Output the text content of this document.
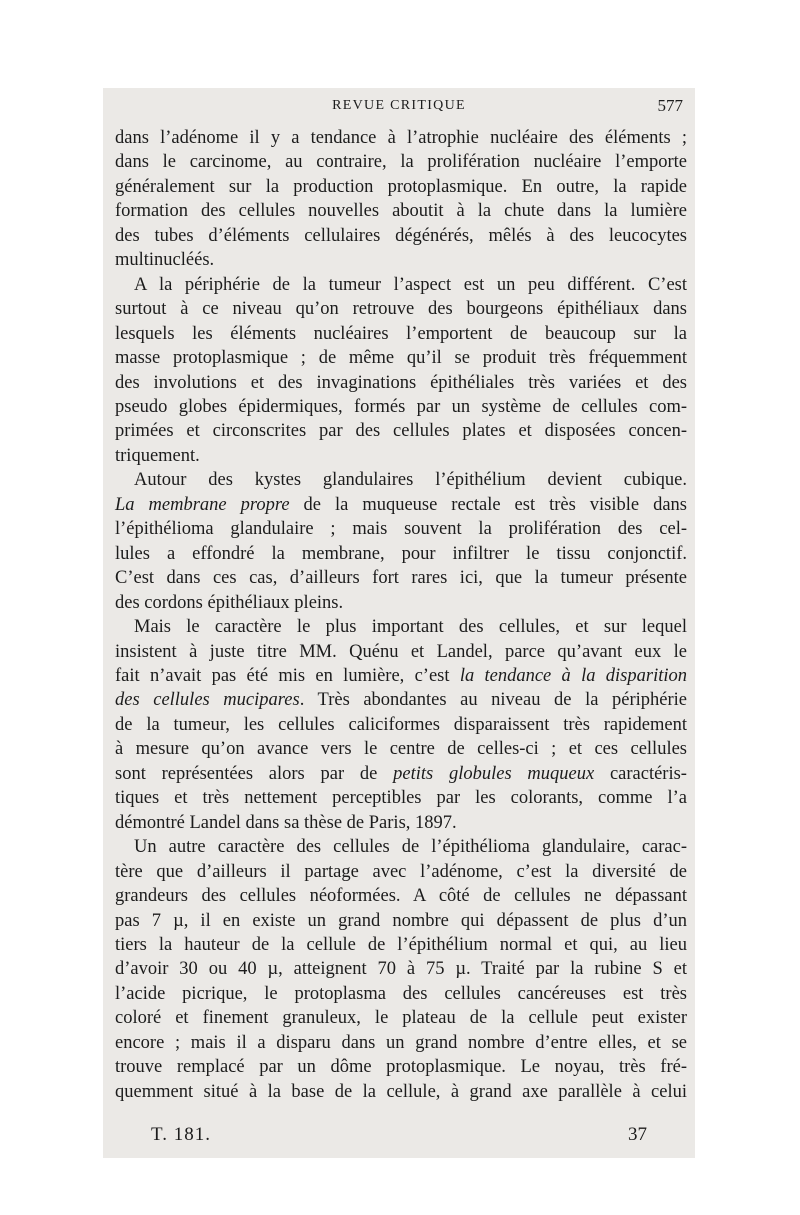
REVUE CRITIQUE	577

dans l’adénome il y a tendance à l’atrophie nucléaire des éléments ;
dans le carcinome, au contraire, la prolifération nucléaire l’emporte
généralement sur la production protoplasmique. En outre, la rapide
formation des cellules nouvelles aboutit à la chute dans la lumière
des tubes d’éléments cellulaires dégénérés, mêlés à des leucocytes
multinucléés.

A la périphérie de la tumeur l’aspect est un peu différent. C’est
surtout à ce niveau qu’on retrouve des bourgeons épithéliaux dans
lesquels les éléments nucléaires l’emportent de beaucoup sur la
masse protoplasmique ; de même qu’il se produit très fréquemment
des involutions et des invaginations épithéliales très variées et des
pseudo globes épidermiques, formés par un système de cellules com-
primées et circonscrites par des cellules plates et disposées concen-
triquement.

Autour des kystes glandulaires l’épithélium devient cubique.
La membrane propre de la muqueuse rectale est très visible dans
l’épithélioma glandulaire ; mais souvent la prolifération des cel-
lules a effondré la membrane, pour infiltrer le tissu conjonctif.
C’est dans ces cas, d’ailleurs fort rares ici, que la tumeur présente
des cordons épithéliaux pleins.

Mais le caractère le plus important des cellules, et sur lequel
insistent à juste titre MM. Quénu et Landel, parce qu’avant eux le
fait n’avait pas été mis en lumière, c’est la tendance à la disparition
des cellules mucipares. Très abondantes au niveau de la périphérie
de la tumeur, les cellules caliciformes disparaissent très rapidement
à mesure qu’on avance vers le centre de celles-ci ; et ces cellules
sont représentées alors par de petits globules muqueux caractéris-
tiques et très nettement perceptibles par les colorants, comme l’a
démontré Landel dans sa thèse de Paris, 1897.

Un autre caractère des cellules de l’épithélioma glandulaire, carac-
tère que d’ailleurs il partage avec l’adénome, c’est la diversité de
grandeurs des cellules néoformées. A côté de cellules ne dépassant
pas 7 µ, il en existe un grand nombre qui dépassent de plus d’un
tiers la hauteur de la cellule de l’épithélium normal et qui, au lieu
d’avoir 30 ou 40 µ, atteignent 70 à 75 µ. Traité par la rubine S et
l’acide picrique, le protoplasma des cellules cancéreuses est très
coloré et finement granuleux, le plateau de la cellule peut exister
encore ; mais il a disparu dans un grand nombre d’entre elles, et se
trouve remplacé par un dôme protoplasmique. Le noyau, très fré-
quemment situé à la base de la cellule, à grand axe parallèle à celui

T. 181.	37
